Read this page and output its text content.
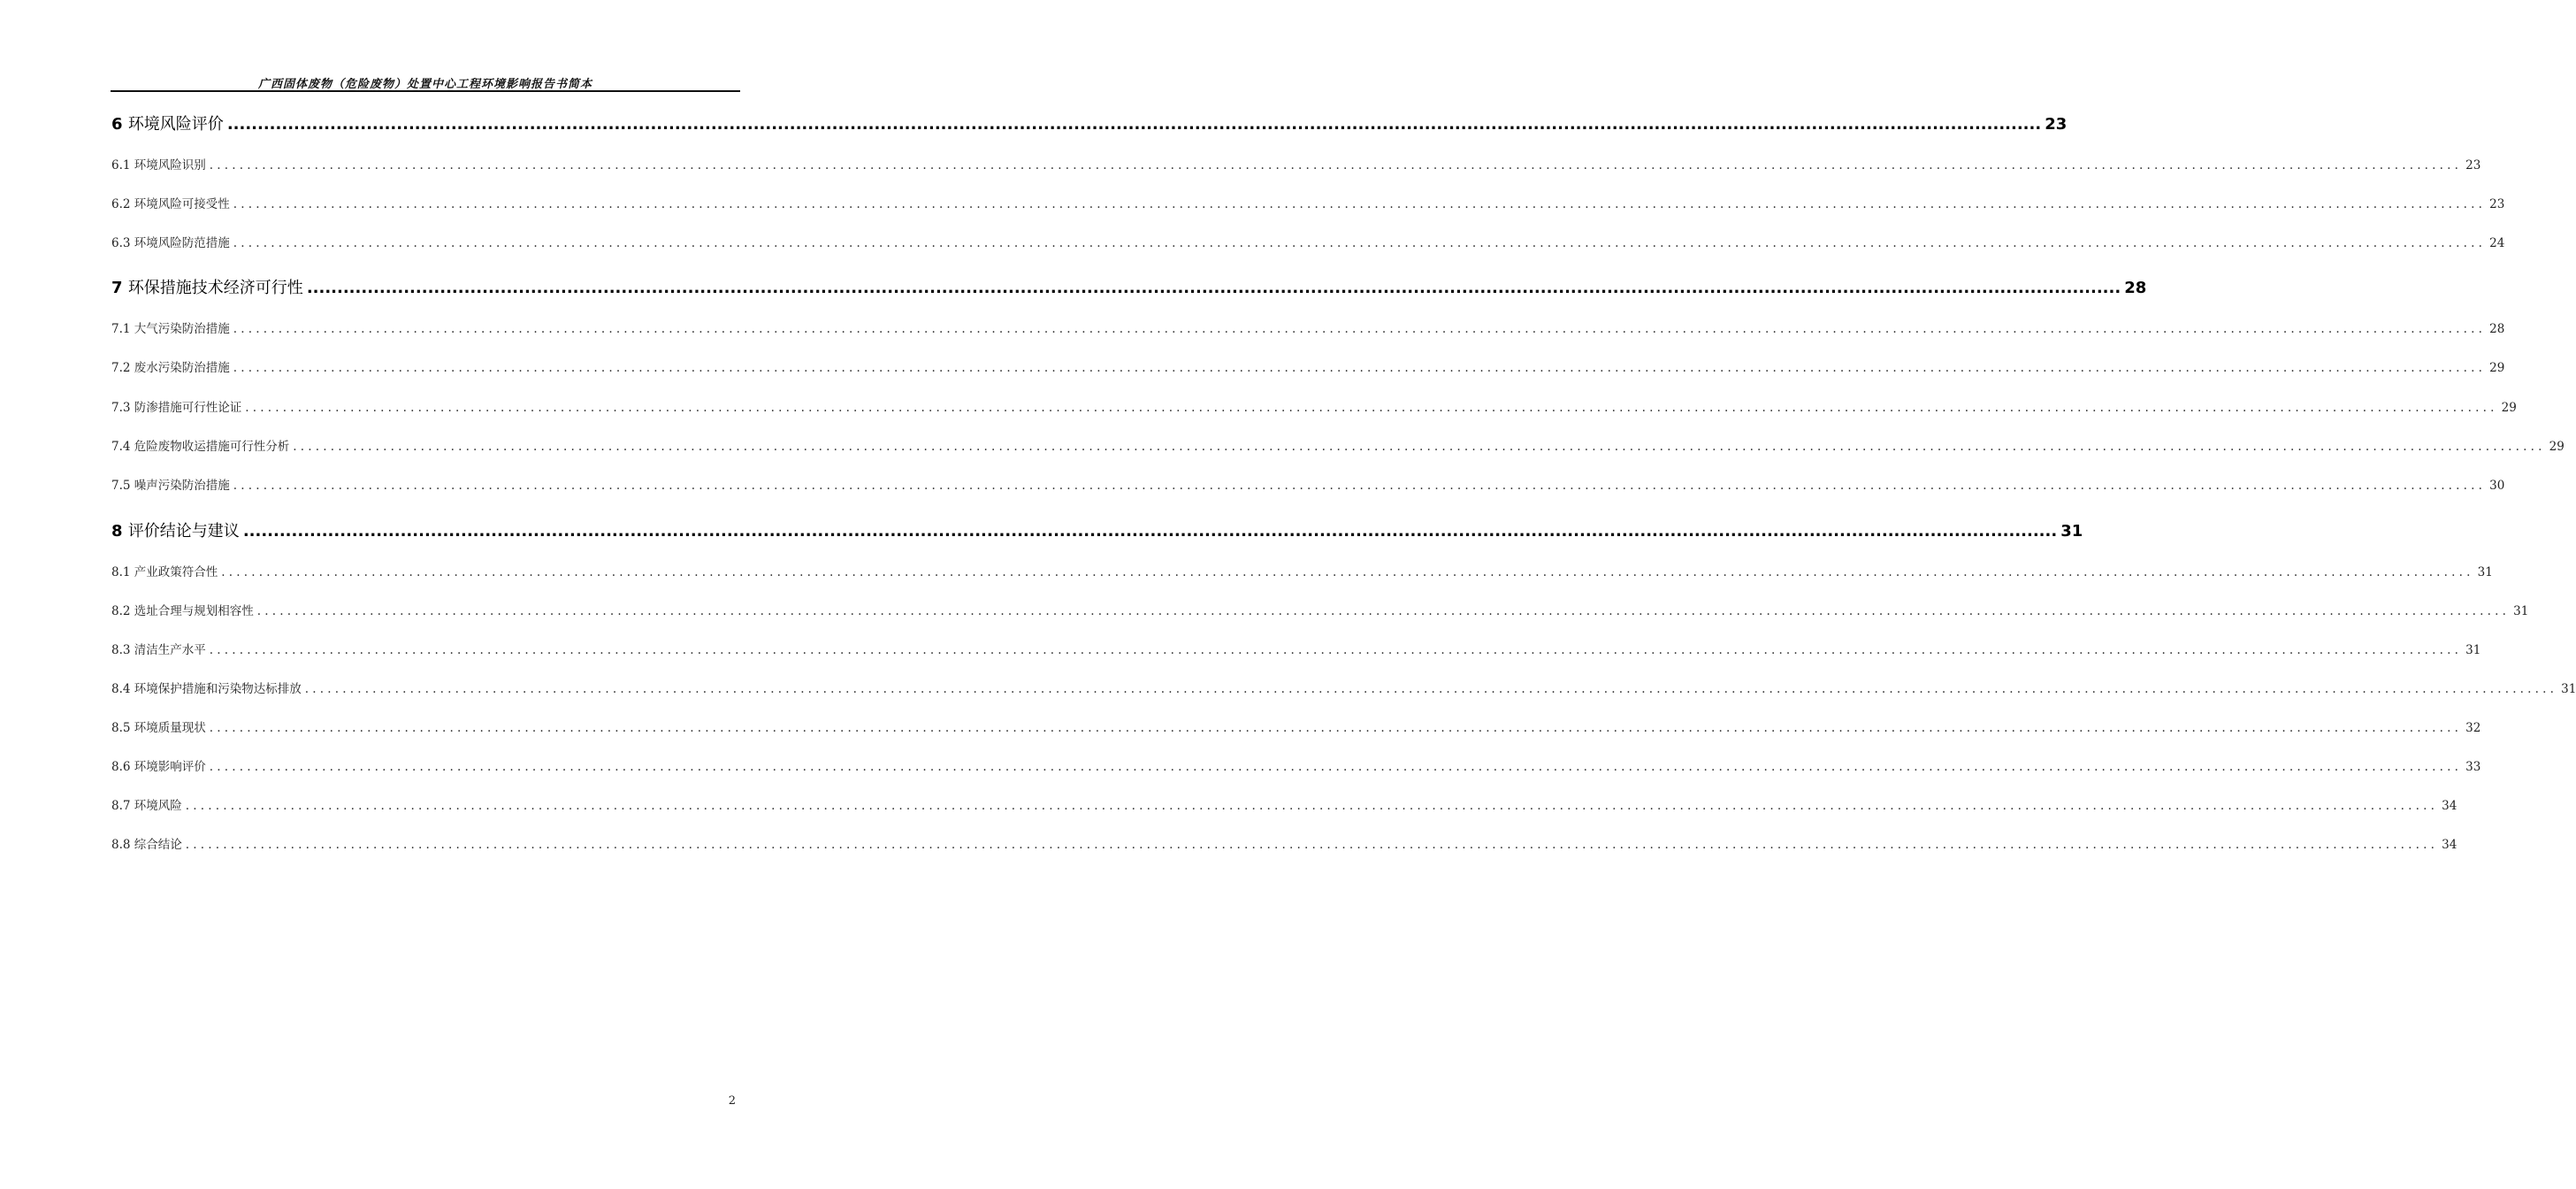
广西固体废物（危险废物）处置中心工程环境影响报告书简本
6 环境风险评价 ............................................................................................................................................................................................................................................................................................................ 23
6.1 环境风险识别 ............................................................................................................................................................................................................................................................................................................ 23
6.2 环境风险可接受性 ............................................................................................................................................................................................................................................................................................................ 23
6.3 环境风险防范措施 ............................................................................................................................................................................................................................................................................................................ 24
7 环保措施技术经济可行性 ............................................................................................................................................................................................................................................................................................................ 28
7.1 大气污染防治措施 ............................................................................................................................................................................................................................................................................................................ 28
7.2 废水污染防治措施 ............................................................................................................................................................................................................................................................................................................ 29
7.3 防渗措施可行性论证 ............................................................................................................................................................................................................................................................................................................ 29
7.4 危险废物收运措施可行性分析 ............................................................................................................................................................................................................................................................................................................ 29
7.5 噪声污染防治措施 ............................................................................................................................................................................................................................................................................................................ 30
8 评价结论与建议 ............................................................................................................................................................................................................................................................................................................ 31
8.1 产业政策符合性 ............................................................................................................................................................................................................................................................................................................ 31
8.2 选址合理与规划相容性 ............................................................................................................................................................................................................................................................................................................ 31
8.3 清洁生产水平 ............................................................................................................................................................................................................................................................................................................ 31
8.4 环境保护措施和污染物达标排放 ............................................................................................................................................................................................................................................................................................................ 31
8.5 环境质量现状 ............................................................................................................................................................................................................................................................................................................ 32
8.6 环境影响评价 ............................................................................................................................................................................................................................................................................................................ 33
8.7 环境风险 ............................................................................................................................................................................................................................................................................................................ 34
8.8 综合结论 ............................................................................................................................................................................................................................................................................................................ 34
2
